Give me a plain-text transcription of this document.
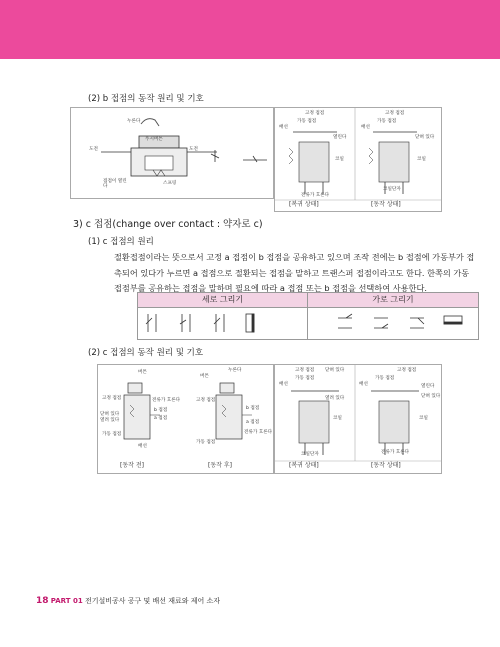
(2) b 접점의 동작 원리 및 기호
누른다
푸시버튼
도전	도전
접점이 열린다
스프링
고정 접점
가동 접점
배선
열린다
코일
전류가 흐른다
고정 접점
가동 접점
배선
닫혀 있다
코일
코일단자
[복귀 상태]	[동작 상태]
3) c 접점(change over contact : 약자로 c)
(1) c 접점의 원리
절환접점이라는 뜻으로서 고정 a 접점이 b 접점을 공유하고 있으며 조작 전에는 b 접점에 가동부가 접촉되어 있다가 누르면 a 접점으로 절환되는 접점을 말하고 트랜스퍼 접점이라고도 한다. 한쪽의 가동 접점부를 공유하는 접점을 말하며 필요에 따라 a 접점 또는 b 접점을 선택하여 사용한다.
세로 그리기	가로 그리기
(2) c 접점의 동작 원리 및 기호
버튼
고정 접점
닫혀 있다
열려 있다
가동 접점
b 접점
a 접점
전류가 흐른다
배선
버튼
누른다
고정 접점
가동 접점
b 접점
a 접점
전류가 흐른다
[동작 전]	[동작 후]
고정 접점 닫혀 있다
가동 접점
배선
열려 있다
코일
코일단자
고정 접점
가동 접점
배선	열린다
닫혀 있다
코일
전류가 흐른다
[복귀 상태]	[동작 상태]
18 PART 01 전기설비공사 공구 및 배선 재료와 제어 소자
